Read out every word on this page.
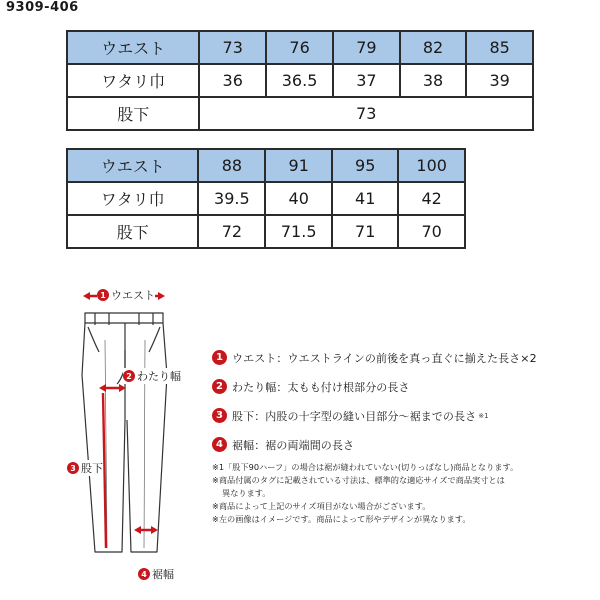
9309-406
ウエスト	73	76	79	82	85
ワタリ巾	36	36.5	37	38	39
股下	73				
ウエスト	88	91	95	100
ワタリ巾	39.5	40	41	42
股下	72	71.5	71	70
1 ウエスト
2 わたり幅
3 股下
4 裾幅
1 ウエスト：ウエストラインの前後を真っ直ぐに揃えた長さ×2
2 わたり幅：太もも付け根部分の長さ
3 股下：内股の十字型の縫い目部分～裾までの長さ ※1
4 裾幅：裾の両端間の長さ
※1「股下90ハーフ」の場合は裾が縫われていない(切りっぱなし)商品となります。
※商品付属のタグに記載されている寸法は、標準的な適応サイズで商品実寸とは
異なります。
※商品によって上記のサイズ項目がない場合がございます。
※左の画像はイメージです。商品によって形やデザインが異なります。
